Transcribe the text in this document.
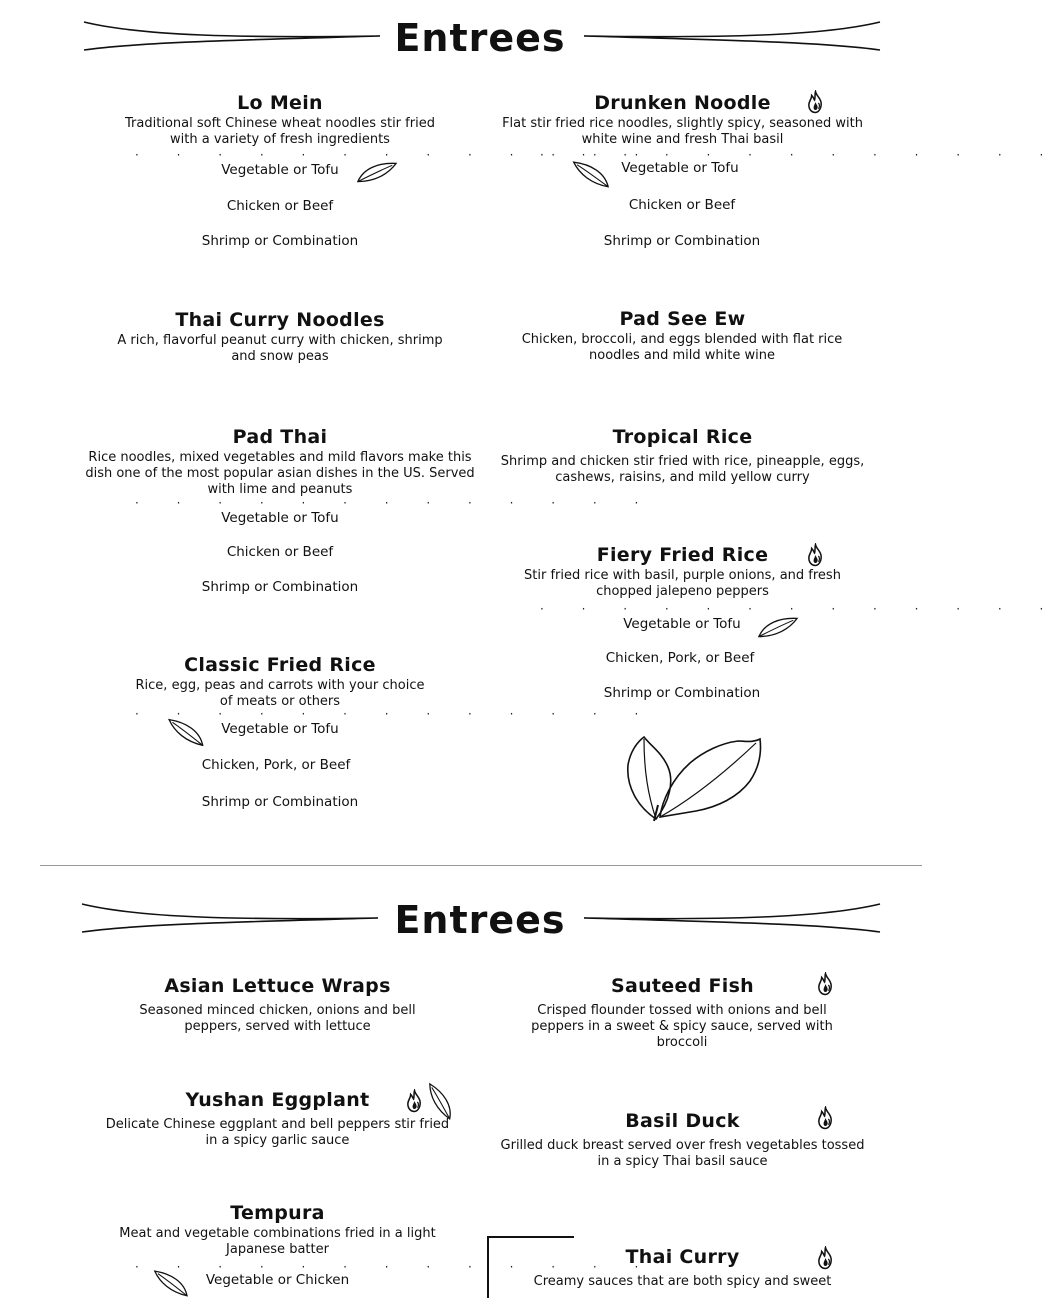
Entrees
Lo Mein
Traditional soft Chinese wheat noodles stir fried with a variety of fresh ingredients
· · · · · · · · · · · · ·
Vegetable or Tofu
Chicken or Beef
Shrimp or Combination
Drunken Noodle
Flat stir fried rice noodles, slightly spicy, seasoned with white wine and fresh Thai basil
· · · · · · · · · · · · ·
Vegetable or Tofu
Chicken or Beef
Shrimp or Combination
Thai Curry Noodles
A rich, flavorful peanut curry with chicken, shrimp and snow peas
Pad See Ew
Chicken, broccoli, and eggs blended with flat rice noodles and mild white wine
Pad Thai
Rice noodles, mixed vegetables and mild flavors make this dish one of the most popular asian dishes in the US. Served with lime and peanuts
· · · · · · · · · · · · ·
Vegetable or Tofu
Chicken or Beef
Shrimp or Combination
Tropical Rice
Shrimp and chicken stir fried with rice, pineapple, eggs, cashews, raisins, and mild yellow curry
Fiery Fried Rice
Stir fried rice with basil, purple onions, and fresh chopped jalepeno peppers
· · · · · · · · · · · · ·
Vegetable or Tofu
Chicken, Pork, or Beef
Shrimp or Combination
Classic Fried Rice
Rice, egg, peas and carrots with your choice of meats or others
· · · · · · · · · · · · ·
Vegetable or Tofu
Chicken, Pork, or Beef
Shrimp or Combination
Entrees
Asian Lettuce Wraps
Seasoned minced chicken, onions and bell peppers, served with lettuce
Sauteed Fish
Crisped flounder tossed with onions and bell peppers in a sweet & spicy sauce, served with broccoli
Yushan Eggplant
Delicate Chinese eggplant and bell peppers stir fried in a spicy garlic sauce
Basil Duck
Grilled duck breast served over fresh vegetables tossed in a spicy Thai basil sauce
Tempura
Meat and vegetable combinations fried in a light Japanese batter
· · · · · · · · · · · · ·
Vegetable or Chicken
Thai Curry
Creamy sauces that are both spicy and sweet
